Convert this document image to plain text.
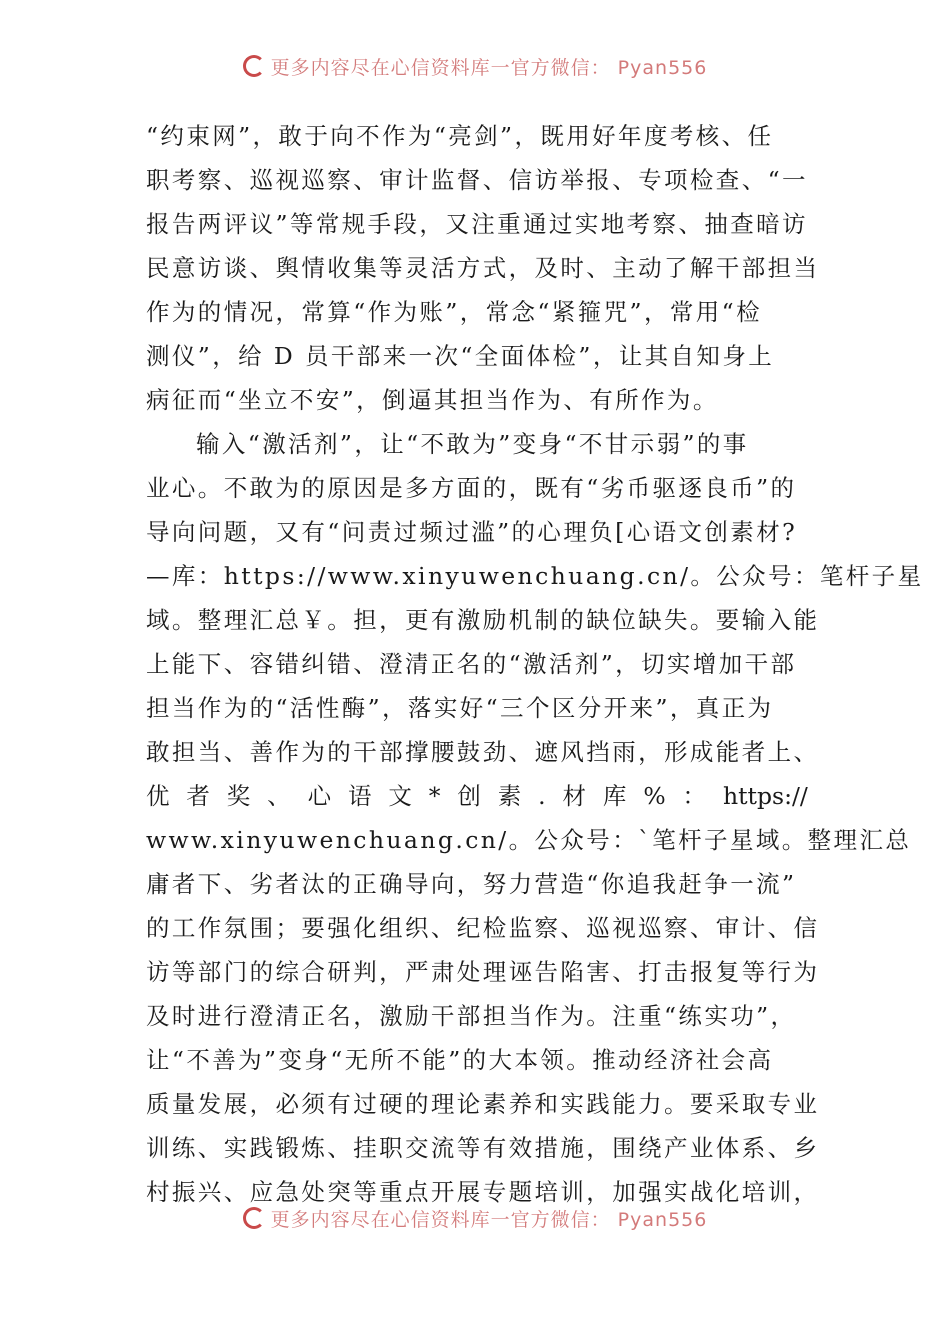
更多内容尽在心信资料库一官方微信： Pyan556
“约束网”，敢于向不作为“亮剑”，既用好年度考核、任
职考察、巡视巡察、审计监督、信访举报、专项检查、“一
报告两评议”等常规手段，又注重通过实地考察、抽查暗访
民意访谈、舆情收集等灵活方式，及时、主动了解干部担当
作为的情况，常算“作为账”，常念“紧箍咒”，常用“检
测仪”，给 D 员干部来一次“全面体检”，让其自知身上
病征而“坐立不安”，倒逼其担当作为、有所作为。
输入“激活剂”，让“不敢为”变身“不甘示弱”的事
业心。不敢为的原因是多方面的，既有“劣币驱逐良币”的
导向问题，又有“问责过频过滥”的心理负[心语文创素材?
—库：https://www.xinyuwenchuang.cn/。公众号：笔杆子星
域。整理汇总￥。担，更有激励机制的缺位缺失。要输入能
上能下、容错纠错、澄清正名的“激活剂”，切实增加干部
担当作为的“活性酶”，落实好“三个区分开来”，真正为
敢担当、善作为的干部撑腰鼓劲、遮风挡雨，形成能者上、
优 者 奖 、 心 语 文 * 创 素 . 材 库 % ： https://
www.xinyuwenchuang.cn/。公众号：`笔杆子星域。整理汇总
庸者下、劣者汰的正确导向，努力营造“你追我赶争一流”
的工作氛围；要强化组织、纪检监察、巡视巡察、审计、信
访等部门的综合研判，严肃处理诬告陷害、打击报复等行为
及时进行澄清正名，激励干部担当作为。注重“练实功”，
让“不善为”变身“无所不能”的大本领。推动经济社会高
质量发展，必须有过硬的理论素养和实践能力。要采取专业
训练、实践锻炼、挂职交流等有效措施，围绕产业体系、乡
村振兴、应急处突等重点开展专题培训，加强实战化培训，
更多内容尽在心信资料库一官方微信： Pyan556
